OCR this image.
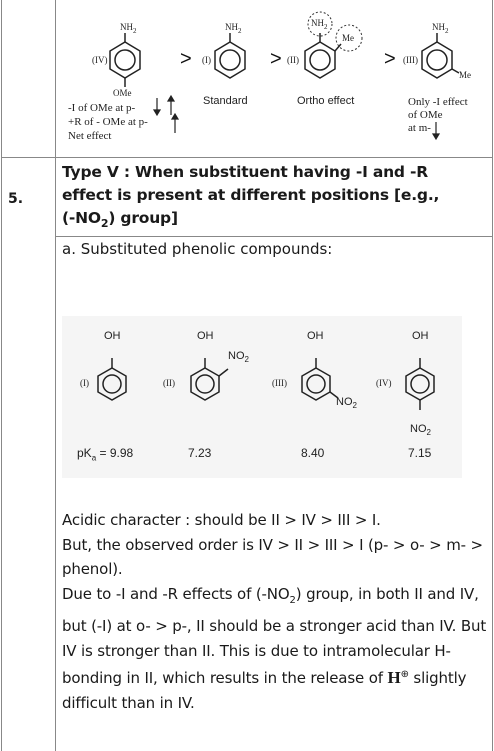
$NH_2$
(IV)
OMe
>
$NH_2$
(I)	>
$NH_2$
(II)
Me
>
$NH_2$
(III)
Me
-I of OMe at p-
+R of - OMe at p-
Net effect
Standard	Ortho effect	Only -I effect
of OMe
at m-
5.
Type V : When substituent having -I and -R
effect is present at different positions [e.g.,
$(-NO_2)$ group]
a. Substituted phenolic compounds:
OH
(I)
$pK_a = 9.98$
OH
(II)
$NO_2$
7.23
OH
(III)
$NO_2$
8.40
OH
(IV)
$NO_2$
7.15

Acidic character : should be II > IV > III > I.

But, the observed order is IV > II > III > I (p- > o- > m- > phenol).

Due to -I and -R effects of $(-NO_2)$ group, in both II and IV, but (-I) at o- > p-, II should be a stronger acid than IV. But IV is stronger than II. This is due to intramolecular H- bonding in II, which results in the release of H⊕ slightly difficult than in IV.
